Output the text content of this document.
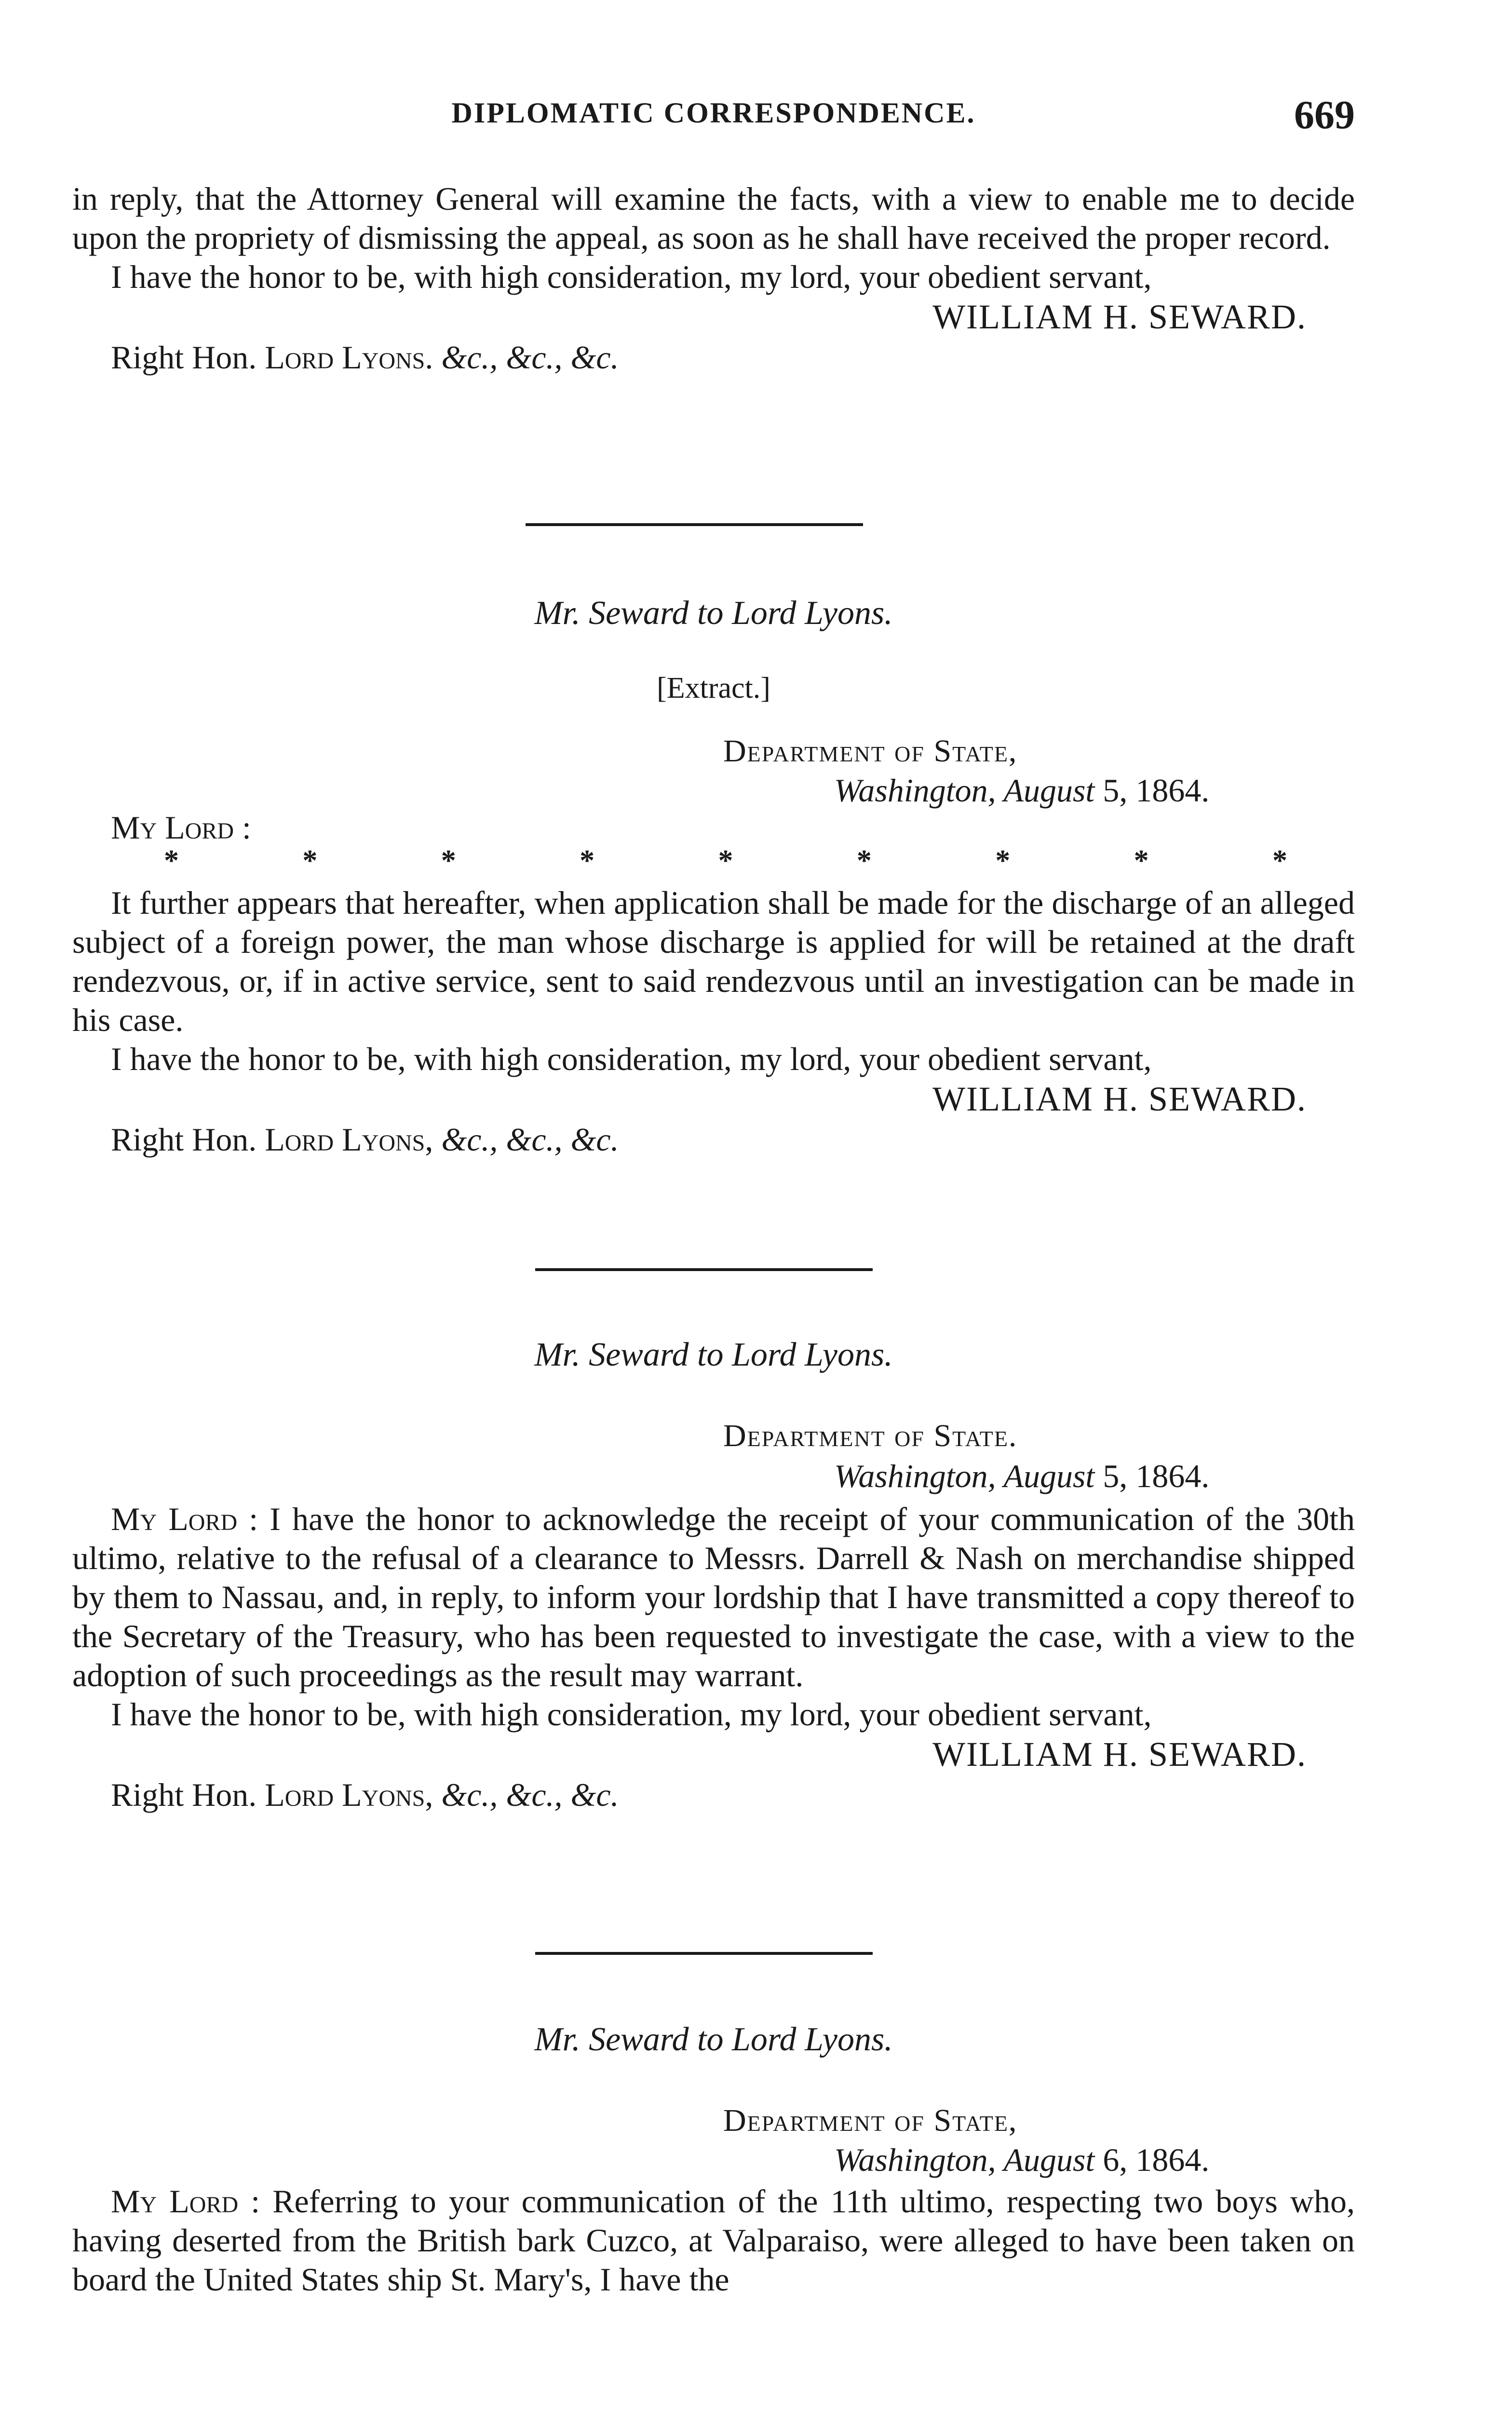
DIPLOMATIC CORRESPONDENCE.	669

in reply, that the Attorney General will examine the facts, with a view to enable me to decide upon the propriety of dismissing the appeal, as soon as he shall have received the proper record.

I have the honor to be, with high consideration, my lord, your obedient servant,

WILLIAM H. SEWARD.

Right Hon. Lord Lyons. &c., &c., &c.

Mr. Seward to Lord Lyons.
[Extract.]
Department of State,
Washington, August 5, 1864.

My Lord :

*	*	*	*	*	*	*	*	*

It further appears that hereafter, when application shall be made for the discharge of an alleged subject of a foreign power, the man whose discharge is applied for will be retained at the draft rendezvous, or, if in active service, sent to said rendezvous until an investigation can be made in his case.

I have the honor to be, with high consideration, my lord, your obedient servant,

WILLIAM H. SEWARD.

Right Hon. Lord Lyons, &c., &c., &c.

Mr. Seward to Lord Lyons.
Department of State.
Washington, August 5, 1864.

My Lord : I have the honor to acknowledge the receipt of your communication of the 30th ultimo, relative to the refusal of a clearance to Messrs. Darrell & Nash on merchandise shipped by them to Nassau, and, in reply, to inform your lordship that I have transmitted a copy thereof to the Secretary of the Treasury, who has been requested to investigate the case, with a view to the adoption of such proceedings as the result may warrant.

I have the honor to be, with high consideration, my lord, your obedient servant,

WILLIAM H. SEWARD.

Right Hon. Lord Lyons, &c., &c., &c.

Mr. Seward to Lord Lyons.
Department of State,
Washington, August 6, 1864.

My Lord : Referring to your communication of the 11th ultimo, respecting two boys who, having deserted from the British bark Cuzco, at Valparaiso, were alleged to have been taken on board the United States ship St. Mary's, I have the
